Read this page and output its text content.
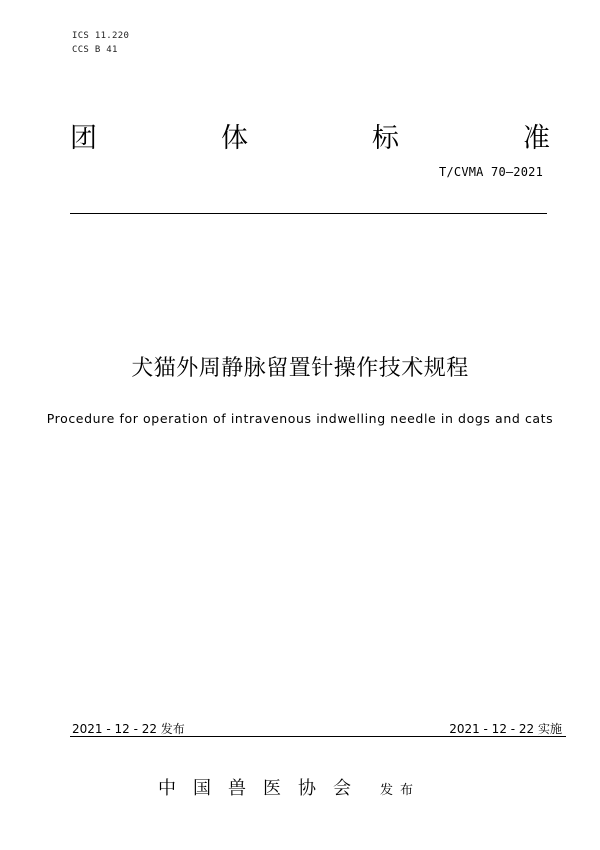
ICS 11.220
CCS B 41
团	体	标	准
T/CVMA 70—2021
犬猫外周静脉留置针操作技术规程
Procedure for operation of intravenous indwelling needle in dogs and cats
2021 - 12 - 22 发布	2021 - 12 - 22 实施
中国兽医协会 发布
